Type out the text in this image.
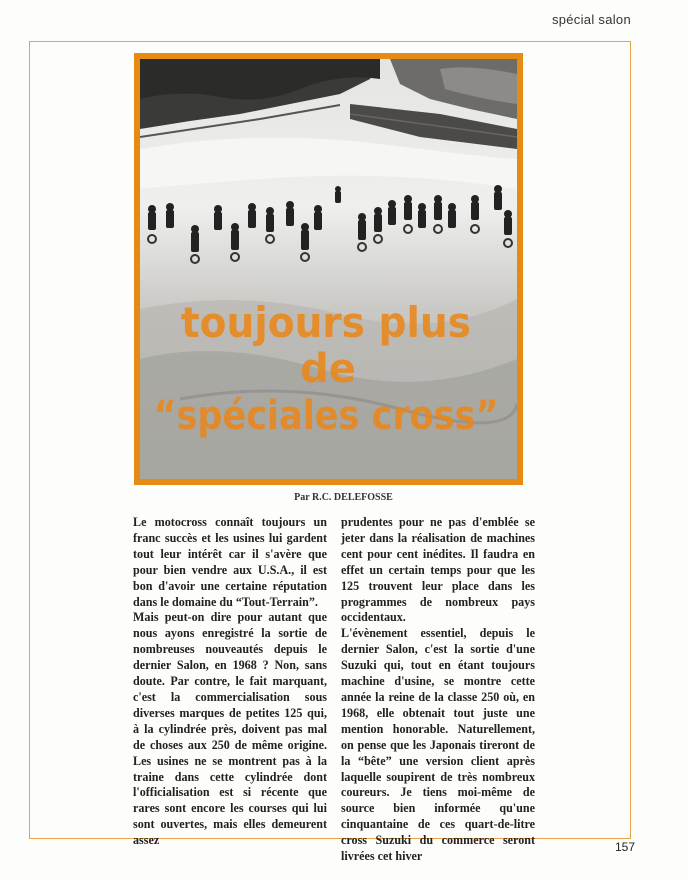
spécial salon
toujours plus
de
“spéciales cross”
Par R.C. DELEFOSSE

Le motocross connaît toujours un franc succès et les usines lui gardent tout leur intérêt car il s'avère que pour bien vendre aux U.S.A., il est bon d'avoir une certaine réputation dans le domaine du “Tout-Terrain”.

Mais peut-on dire pour autant que nous ayons enregistré la sortie de nombreuses nouveautés depuis le dernier Salon, en 1968 ? Non, sans doute. Par contre, le fait marquant, c'est la commercialisation sous diverses marques de petites 125 qui, à la cylindrée près, doivent pas mal de choses aux 250 de même origine. Les usines ne se montrent pas à la traine dans cette cylindrée dont l'officialisation est si récente que rares sont encore les courses qui lui sont ouvertes, mais elles demeurent assez

prudentes pour ne pas d'emblée se jeter dans la réalisation de machines cent pour cent inédites. Il faudra en effet un certain temps pour que les 125 trouvent leur place dans les programmes de nombreux pays occidentaux.

L'évènement essentiel, depuis le dernier Salon, c'est la sortie d'une Suzuki qui, tout en étant toujours machine d'usine, se montre cette année la reine de la classe 250 où, en 1968, elle obtenait tout juste une mention honorable. Naturellement, on pense que les Japonais tireront de la “bête” une version client après laquelle soupirent de très nombreux coureurs. Je tiens moi-même de source bien informée qu'une cinquantaine de ces quart-de-litre cross Suzuki du commerce seront livrées cet hiver

157
